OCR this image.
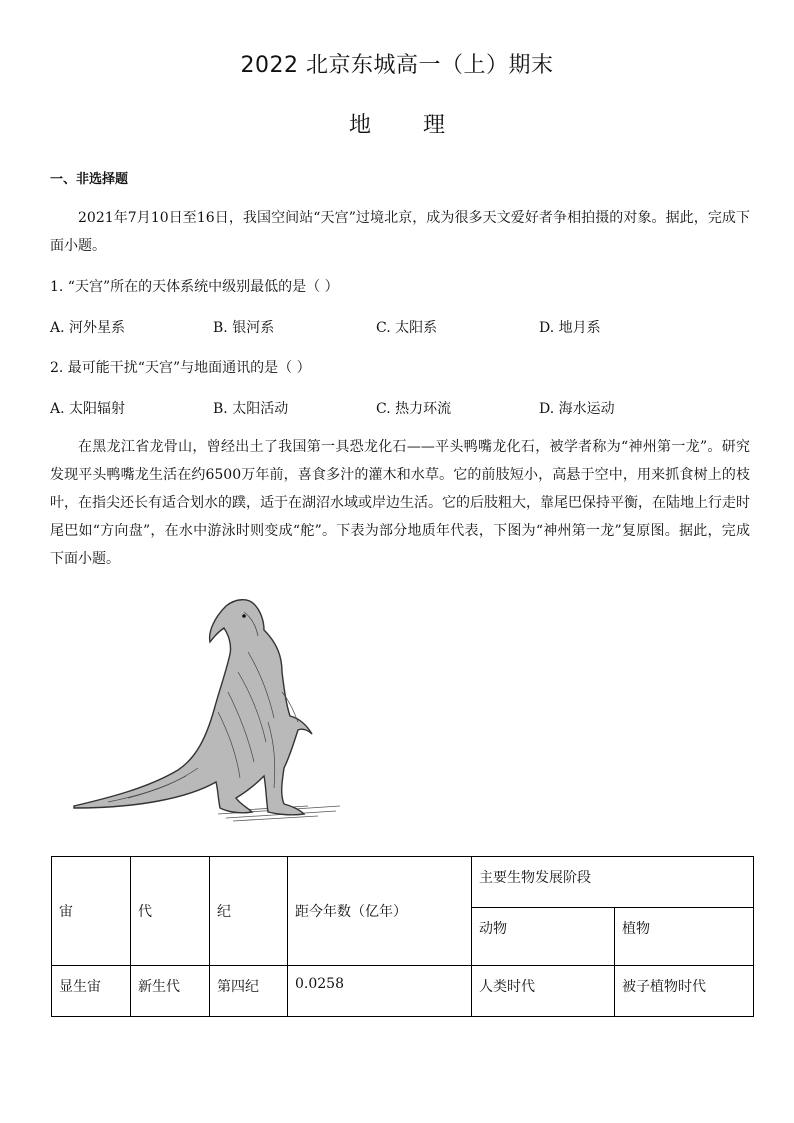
2022 北京东城高一（上）期末
地理
一、非选择题
2021年7月10日至16日，我国空间站“天宫”过境北京，成为很多天文爱好者争相拍摄的对象。据此，完成下面小题。
1. “天宫”所在的天体系统中级别最低的是（ ）
A. 河外星系	B. 银河系	C. 太阳系	D. 地月系
2. 最可能干扰“天宫”与地面通讯的是（ ）
A. 太阳辐射	B. 太阳活动	C. 热力环流	D. 海水运动
在黑龙江省龙骨山，曾经出土了我国第一具恐龙化石——平头鸭嘴龙化石，被学者称为“神州第一龙”。研究发现平头鸭嘴龙生活在约6500万年前，喜食多汁的灌木和水草。它的前肢短小，高悬于空中，用来抓食树上的枝叶，在指尖还长有适合划水的蹼，适于在湖沼水域或岸边生活。它的后肢粗大，靠尾巴保持平衡，在陆地上行走时尾巴如“方向盘”，在水中游泳时则变成“舵”。下表为部分地质年代表，下图为“神州第一龙”复原图。据此，完成下面小题。
宙	代	纪	距今年数（亿年）	主要生物发展阶段	
				动物	植物
显生宙	新生代	第四纪	0.0258	人类时代	被子植物时代
